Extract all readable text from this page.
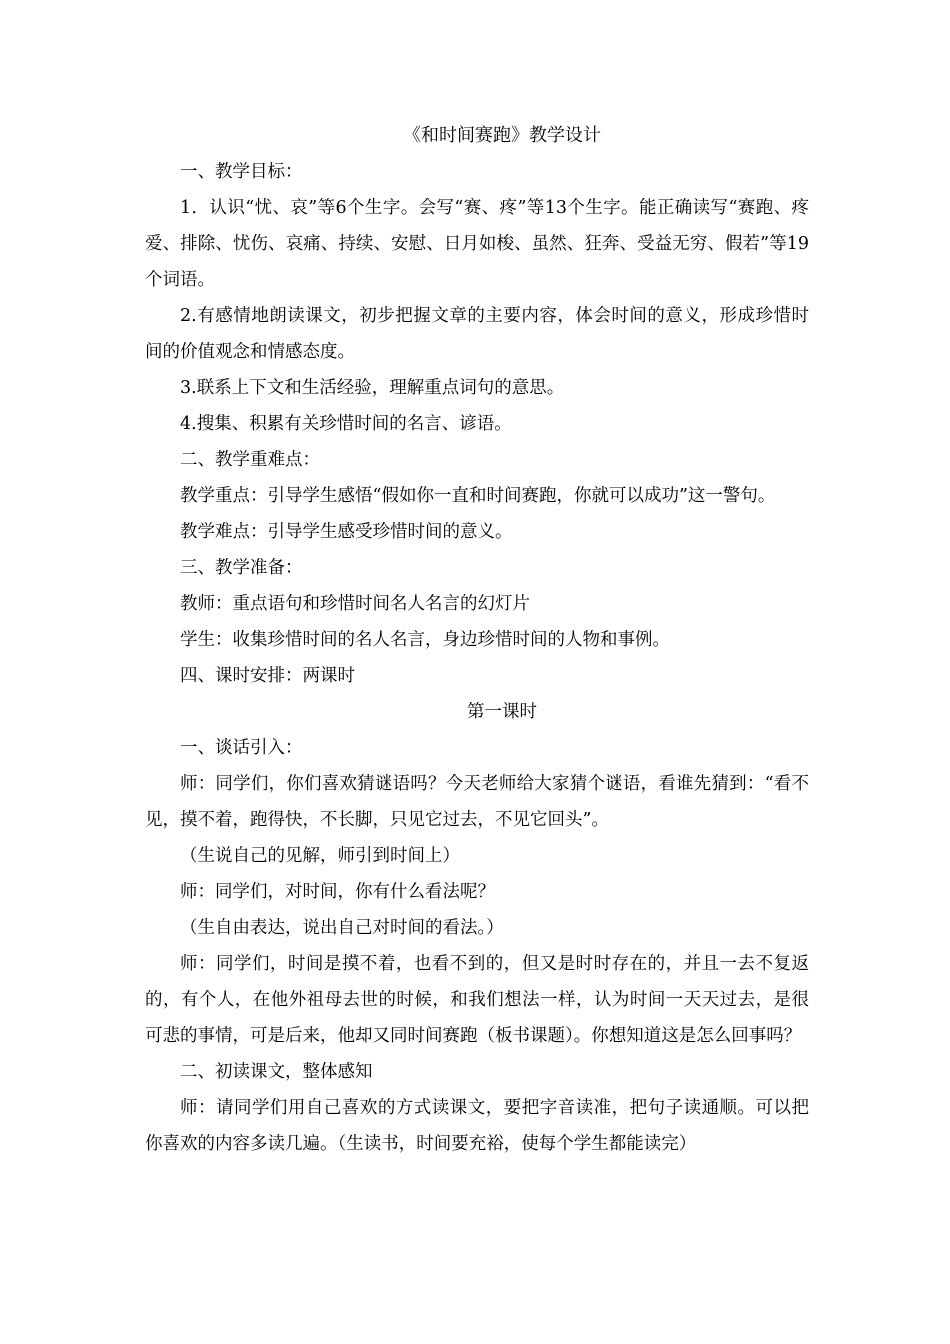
《和时间赛跑》教学设计
一、教学目标：
1．认识“忧、哀”等6个生字。会写“赛、疼”等13个生字。能正确读写“赛跑、疼爱、排除、忧伤、哀痛、持续、安慰、日月如梭、虽然、狂奔、受益无穷、假若”等19个词语。
2.有感情地朗读课文，初步把握文章的主要内容，体会时间的意义，形成珍惜时间的价值观念和情感态度。
3.联系上下文和生活经验，理解重点词句的意思。
4.搜集、积累有关珍惜时间的名言、谚语。
二、教学重难点：
教学重点：引导学生感悟“假如你一直和时间赛跑，你就可以成功”这一警句。
教学难点：引导学生感受珍惜时间的意义。
三、教学准备：
教师：重点语句和珍惜时间名人名言的幻灯片
学生：收集珍惜时间的名人名言，身边珍惜时间的人物和事例。
四、课时安排：两课时
第一课时
一、谈话引入：
师：同学们，你们喜欢猜谜语吗？今天老师给大家猜个谜语，看谁先猜到：“看不见，摸不着，跑得快，不长脚，只见它过去，不见它回头”。
（生说自己的见解，师引到时间上）
师：同学们，对时间，你有什么看法呢？
（生自由表达，说出自己对时间的看法。）
师：同学们，时间是摸不着，也看不到的，但又是时时存在的，并且一去不复返的，有个人，在他外祖母去世的时候，和我们想法一样，认为时间一天天过去，是很可悲的事情，可是后来，他却又同时间赛跑（板书课题）。你想知道这是怎么回事吗？
二、初读课文，整体感知
师：请同学们用自己喜欢的方式读课文，要把字音读准，把句子读通顺。可以把你喜欢的内容多读几遍。（生读书，时间要充裕，使每个学生都能读完）
